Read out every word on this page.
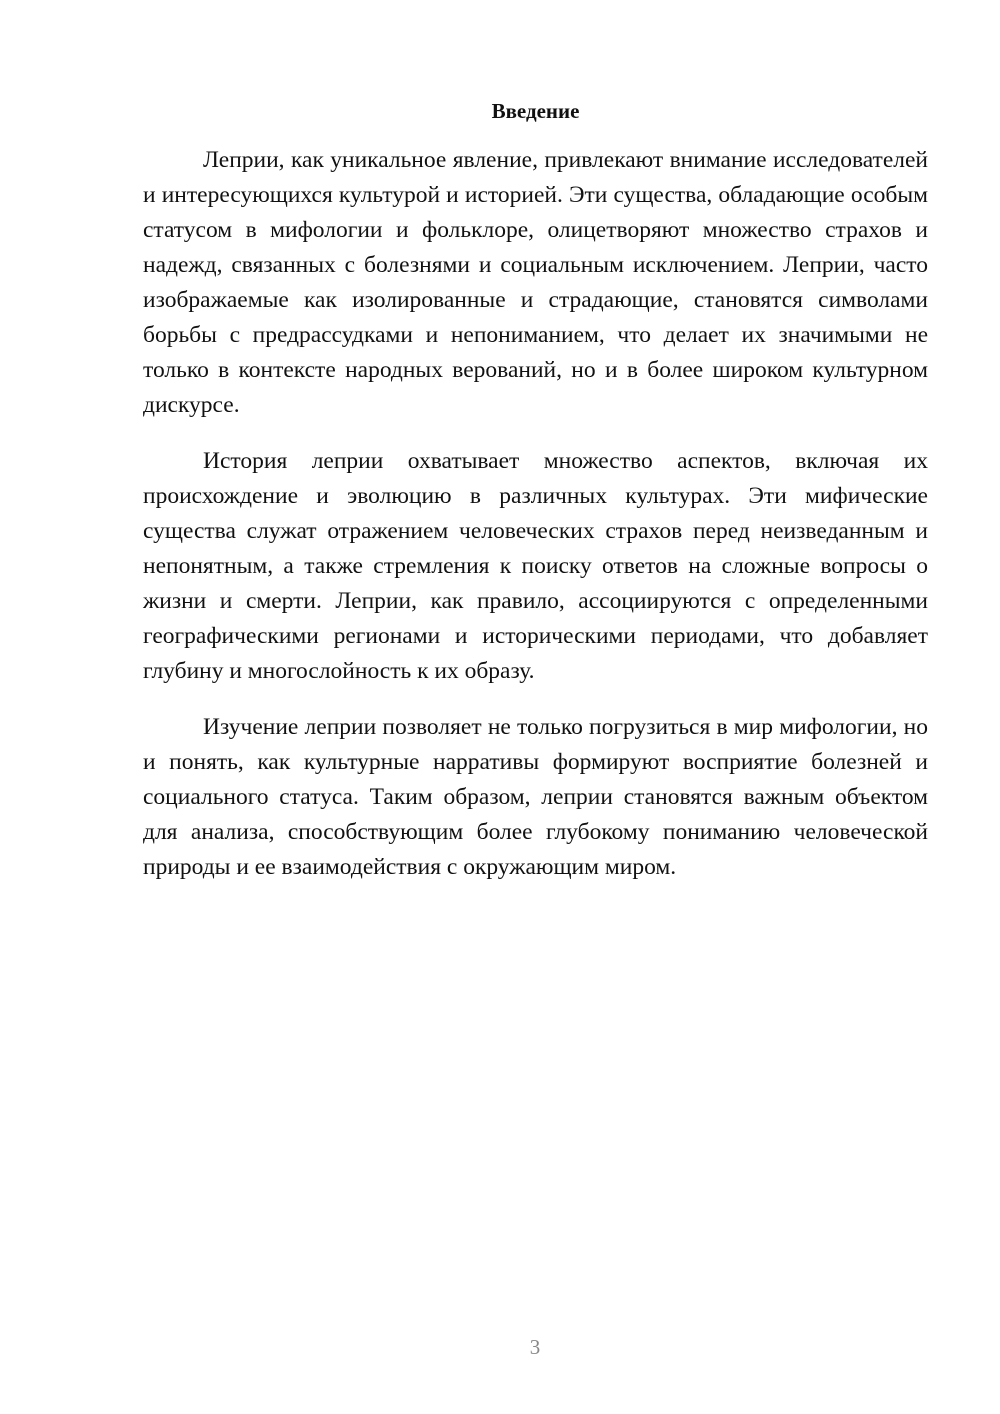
Введение

Леприи, как уникальное явление, привлекают внимание исследователей и интересующихся культурой и историей. Эти существа, обладающие особым статусом в мифологии и фольклоре, олицетворяют множество страхов и надежд, связанных с болезнями и социальным исключением. Леприи, часто изображаемые как изолированные и страдающие, становятся символами борьбы с предрассудками и непониманием, что делает их значимыми не только в контексте народных верований, но и в более широком культурном дискурсе.

История леприи охватывает множество аспектов, включая их происхождение и эволюцию в различных культурах. Эти мифические существа служат отражением человеческих страхов перед неизведанным и непонятным, а также стремления к поиску ответов на сложные вопросы о жизни и смерти. Леприи, как правило, ассоциируются с определенными географическими регионами и историческими периодами, что добавляет глубину и многослойность к их образу.

Изучение леприи позволяет не только погрузиться в мир мифологии, но и понять, как культурные нарративы формируют восприятие болезней и социального статуса. Таким образом, леприи становятся важным объектом для анализа, способствующим более глубокому пониманию человеческой природы и ее взаимодействия с окружающим миром.

3
